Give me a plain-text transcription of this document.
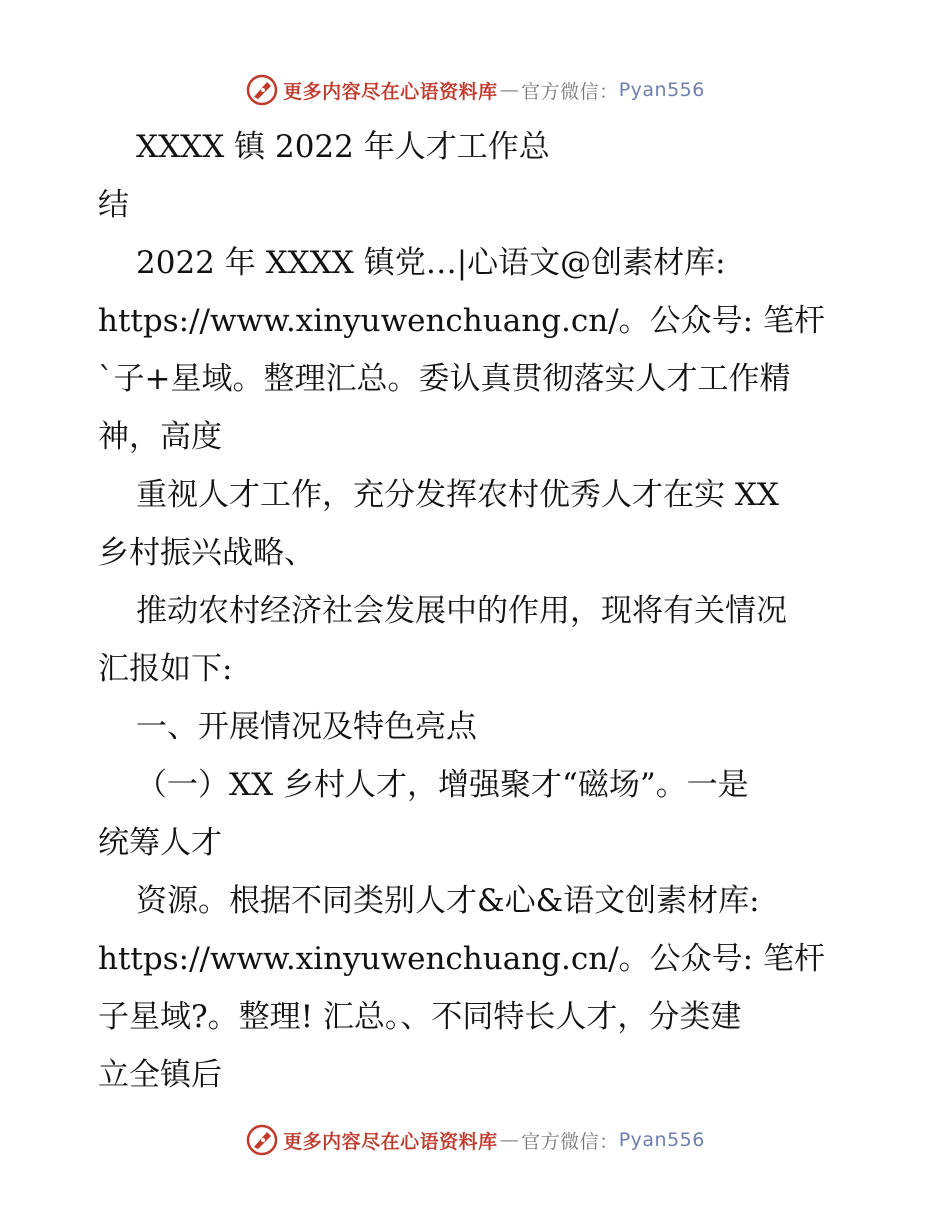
更多内容尽在心语资料库 — 官方微信： Pyan556

XXXX 镇 2022 年人才工作总
结

2022 年 XXXX 镇党…|心语文@创素材库:
https://www.xinyuwenchuang.cn/。公众号: 笔杆
`子+星域。整理汇总。委认真贯彻落实人才工作精
神，高度

重视人才工作，充分发挥农村优秀人才在实 XX
乡村振兴战略、

推动农村经济社会发展中的作用，现将有关情况
汇报如下:

一、开展情况及特色亮点

（一）XX 乡村人才，增强聚才“磁场”。一是
统筹人才

资源。根据不同类别人才&心&语文创素材库:
https://www.xinyuwenchuang.cn/。公众号: 笔杆
子星域?。整理! 汇总。、不同特长人才，分类建
立全镇后

更多内容尽在心语资料库 — 官方微信： Pyan556
